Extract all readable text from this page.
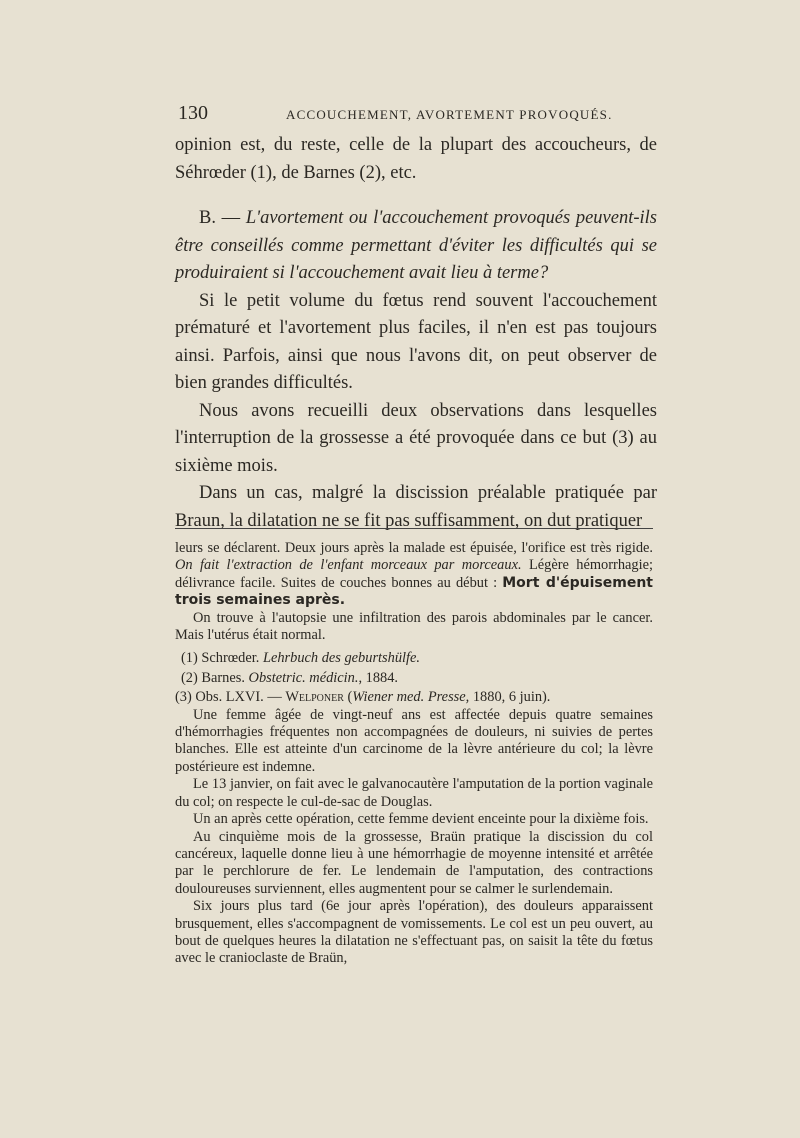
130	ACCOUCHEMENT, AVORTEMENT PROVOQUÉS.

opinion est, du reste, celle de la plupart des accoucheurs, de Séhrœder (1), de Barnes (2), etc.

B. — L'avortement ou l'accouchement provoqués peuvent-ils être conseillés comme permettant d'éviter les difficultés qui se produiraient si l'accouchement avait lieu à terme?

Si le petit volume du fœtus rend souvent l'accouchement prématuré et l'avortement plus faciles, il n'en est pas toujours ainsi. Parfois, ainsi que nous l'avons dit, on peut observer de bien grandes difficultés.

Nous avons recueilli deux observations dans lesquelles l'interruption de la grossesse a été provoquée dans ce but (3) au sixième mois.

Dans un cas, malgré la discission préalable pratiquée par Braun, la dilatation ne se fit pas suffisamment, on dut pratiquer

leurs se déclarent. Deux jours après la malade est épuisée, l'orifice est très rigide. On fait l'extraction de l'enfant morceaux par morceaux. Légère hémorrhagie; délivrance facile. Suites de couches bonnes au début : Mort d'épuisement trois semaines après.

On trouve à l'autopsie une infiltration des parois abdominales par le cancer. Mais l'utérus était normal.

(1) Schrœder. Lehrbuch des geburtshülfe.

(2) Barnes. Obstetric. médicin., 1884.

(3) Obs. LXVI. — Welponer (Wiener med. Presse, 1880, 6 juin).

Une femme âgée de vingt-neuf ans est affectée depuis quatre semaines d'hémorrhagies fréquentes non accompagnées de douleurs, ni suivies de pertes blanches. Elle est atteinte d'un carcinome de la lèvre antérieure du col; la lèvre postérieure est indemne.

Le 13 janvier, on fait avec le galvanocautère l'amputation de la portion vaginale du col; on respecte le cul-de-sac de Douglas.

Un an après cette opération, cette femme devient enceinte pour la dixième fois.

Au cinquième mois de la grossesse, Braün pratique la discission du col cancéreux, laquelle donne lieu à une hémorrhagie de moyenne intensité et arrêtée par le perchlorure de fer. Le lendemain de l'amputation, des contractions douloureuses surviennent, elles augmentent pour se calmer le surlendemain.

Six jours plus tard (6e jour après l'opération), des douleurs apparaissent brusquement, elles s'accompagnent de vomissements. Le col est un peu ouvert, au bout de quelques heures la dilatation ne s'effectuant pas, on saisit la tête du fœtus avec le cranioclaste de Braün,
